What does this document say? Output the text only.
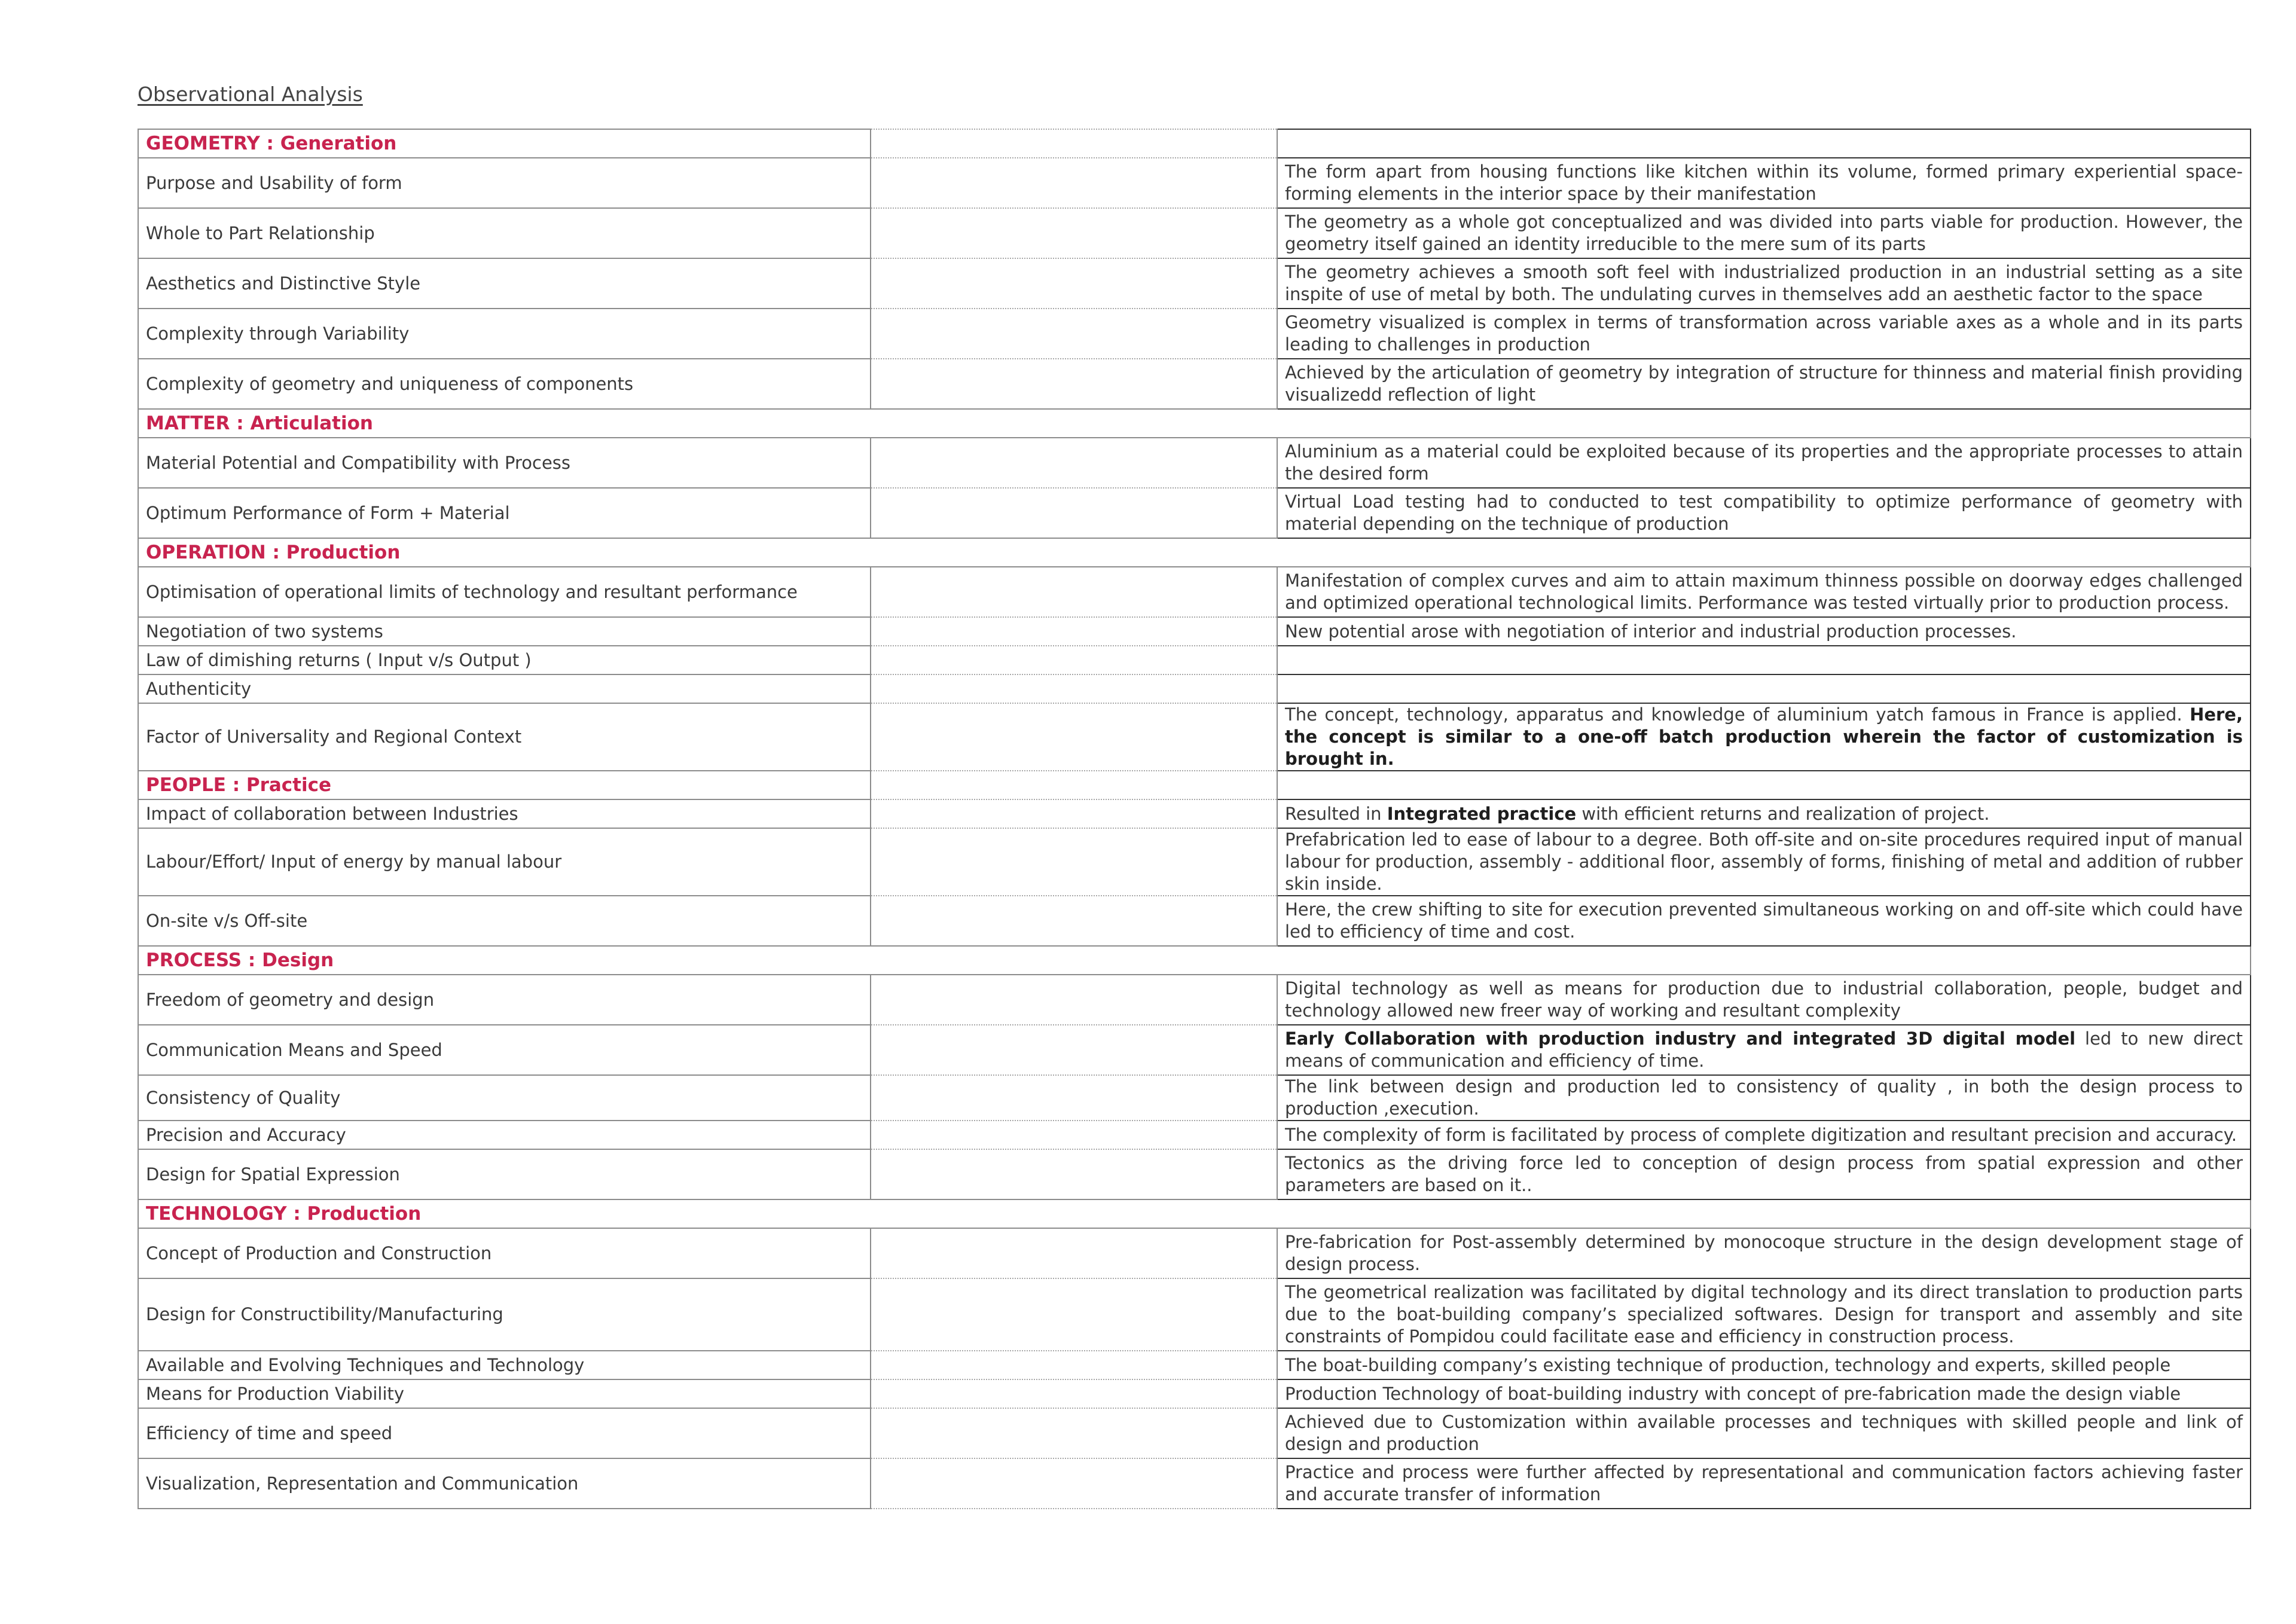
Observational Analysis
GEOMETRY : Generation		
Purpose and Usability of form		The form apart from housing functions like kitchen within its volume, formed primary experiential space-forming elements in the interior space by their manifestation
Whole to Part Relationship		The geometry as a whole got conceptualized and was divided into parts viable for production. However, the geometry itself gained an identity irreducible to the mere sum of its parts
Aesthetics and Distinctive Style		The geometry achieves a smooth soft feel with industrialized production in an industrial setting as a site inspite of use of metal by both. The undulating curves in themselves add an aesthetic factor to the space
Complexity through Variability		Geometry visualized is complex in terms of transformation across variable axes as a whole and in its parts leading to challenges in production
Complexity of geometry and uniqueness of components		Achieved by the articulation of geometry by integration of structure for thinness and material finish providing visualizedd reflection of light
MATTER : Articulation		
Material Potential and Compatibility with Process		Aluminium as a material could be exploited because of its properties and the appropriate processes to attain the desired form
Optimum Performance of Form + Material		Virtual Load testing had to conducted to test compatibility to optimize performance of geometry with material depending on the technique of production
OPERATION : Production		
Optimisation of operational limits of technology and resultant performance		Manifestation of complex curves and aim to attain maximum thinness possible on doorway edges challenged and optimized operational technological limits. Performance was tested virtually prior to production process.
Negotiation of two systems		New potential arose with negotiation of interior and industrial production processes.
Law of dimishing returns ( Input v/s Output )		
Authenticity		
Factor of Universality and Regional Context		The concept, technology, apparatus and knowledge of aluminium yatch famous in France is applied. Here, the concept is similar to a one-off batch production wherein the factor of customization is brought in.
PEOPLE : Practice		
Impact of collaboration between Industries		Resulted in Integrated practice with efficient returns and realization of project.
Labour/Effort/ Input of energy by manual labour		Prefabrication led to ease of labour to a degree. Both off-site and on-site procedures required input of manual labour for production, assembly - additional floor, assembly of forms, finishing of metal and addition of rubber skin inside.
On-site v/s Off-site		Here, the crew shifting to site for execution prevented simultaneous working on and off-site which could have led to efficiency of time and cost.
PROCESS : Design		
Freedom of geometry and design		Digital technology as well as means for production due to industrial collaboration, people, budget and technology allowed new freer way of working and resultant complexity
Communication Means and Speed		Early Collaboration with production industry and integrated 3D digital model led to new direct means of communication and efficiency of time.
Consistency of Quality		The link between design and production led to consistency of quality , in both the design process to production ,execution.
Precision and Accuracy		The complexity of form is facilitated by process of complete digitization and resultant precision and accuracy.
Design for Spatial Expression		Tectonics as the driving force led to conception of design process from spatial expression and other parameters are based on it..
TECHNOLOGY : Production		
Concept of Production and Construction		Pre-fabrication for Post-assembly determined by monocoque structure in the design development stage of design process.
Design for Constructibility/Manufacturing		The geometrical realization was facilitated by digital technology and its direct translation to production parts due to the boat-building company’s specialized softwares. Design for transport and assembly and site constraints of Pompidou could facilitate ease and efficiency in construction process.
Available and Evolving Techniques and Technology		The boat-building company’s existing technique of production, technology and experts, skilled people
Means for Production Viability		Production Technology of boat-building industry with concept of pre-fabrication made the design viable
Efficiency of time and speed		Achieved due to Customization within available processes and techniques with skilled people and link of design and production
Visualization, Representation and Communication		Practice and process were further affected by representational and communication factors achieving faster and accurate transfer of information
